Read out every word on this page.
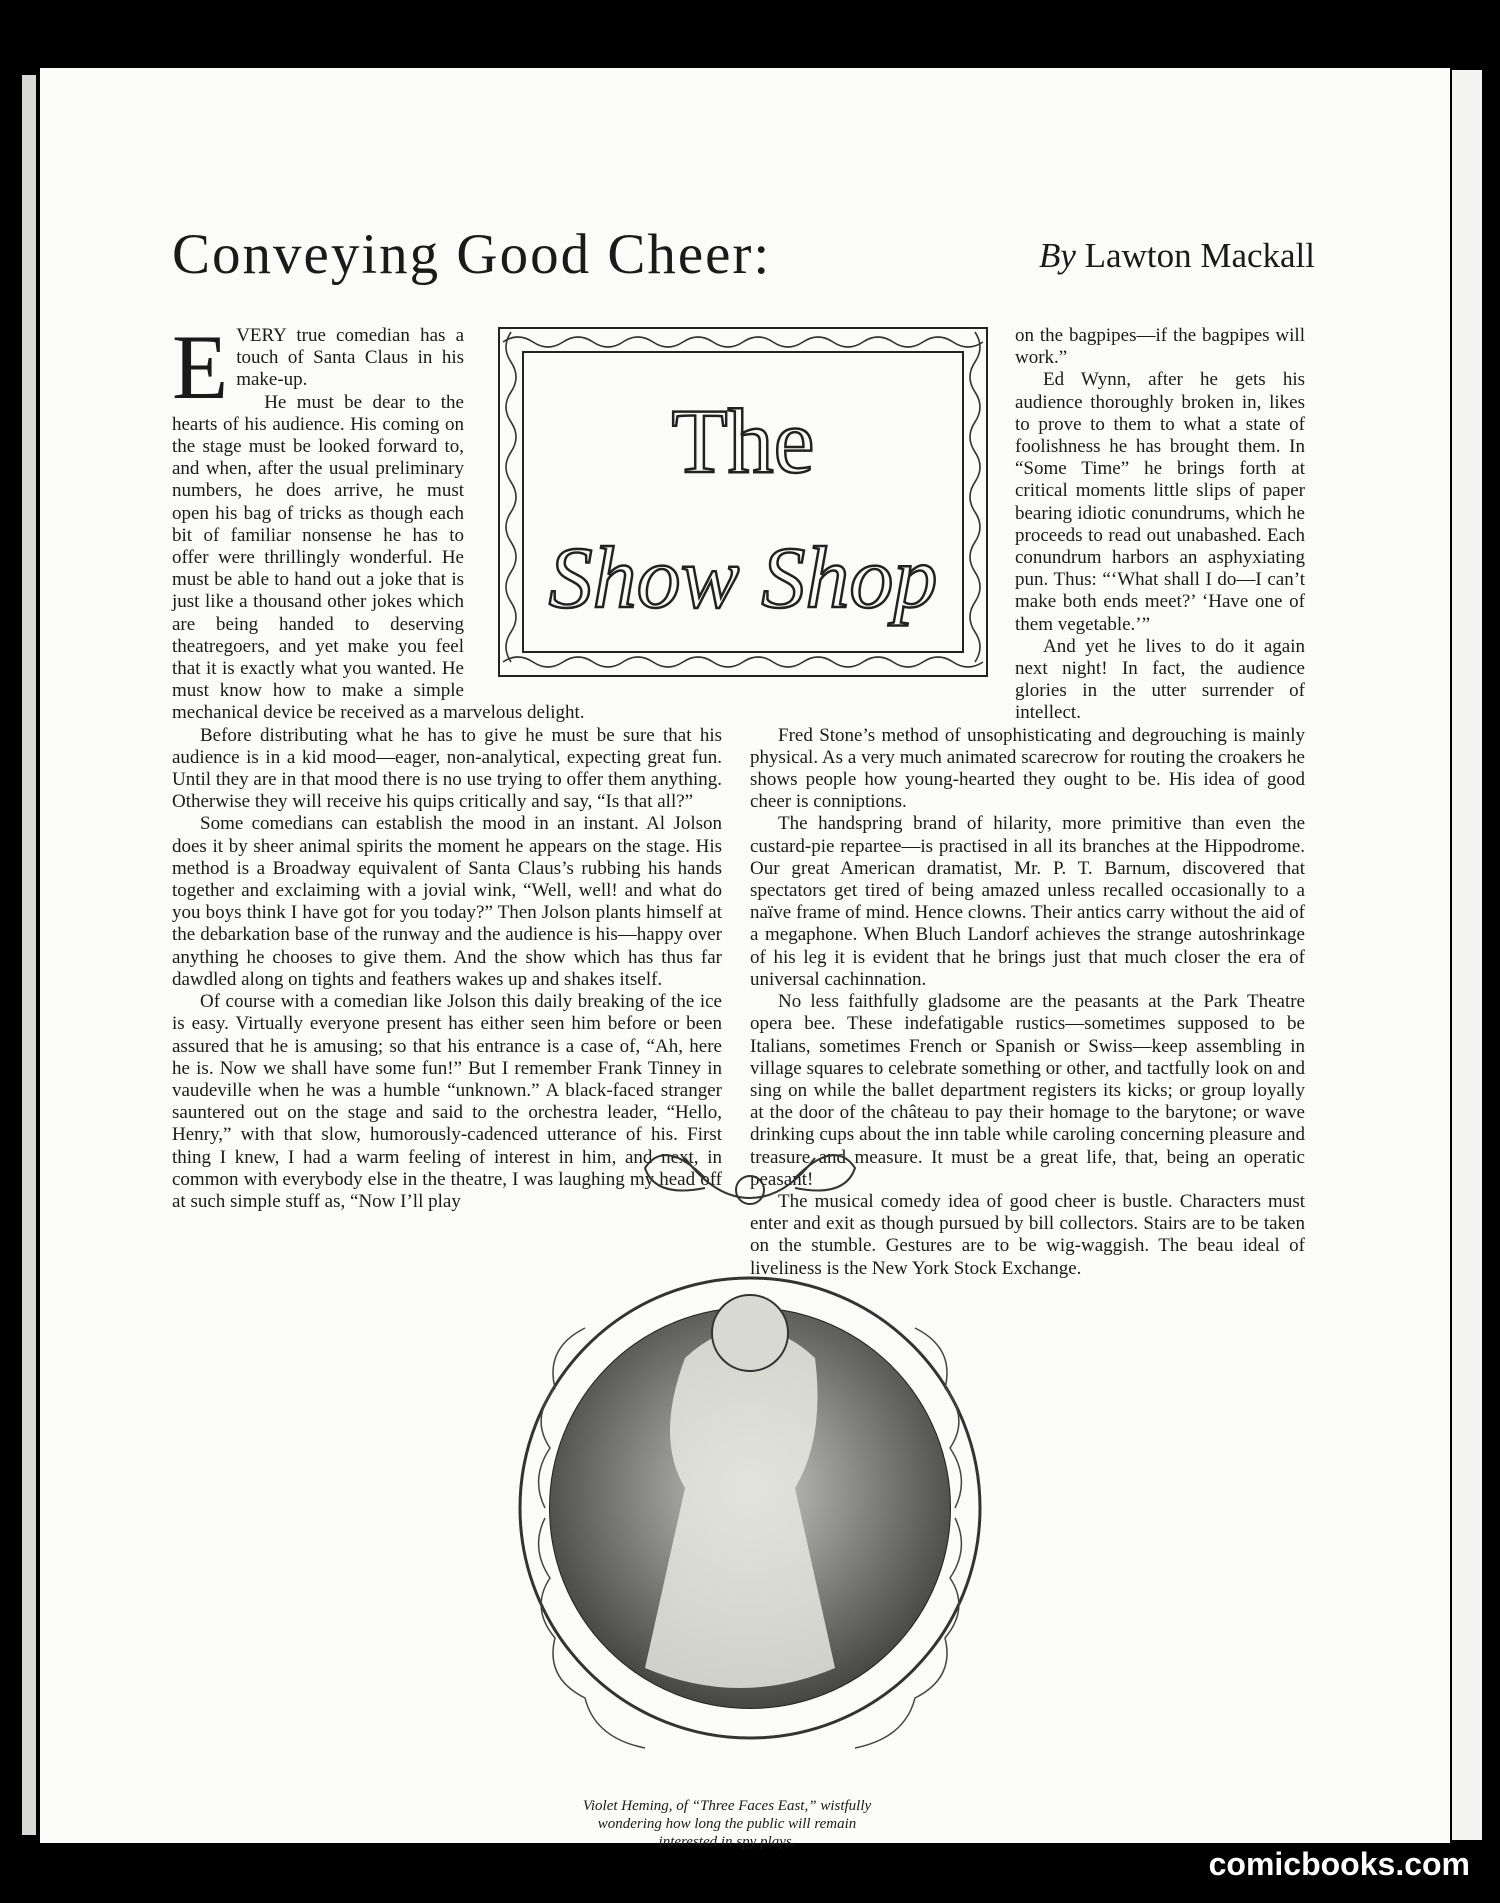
Conveying Good Cheer:	By Lawton Mackall
The
Show Shop

EVERY true comedian has a touch of Santa Claus in his make-up.

He must be dear to the hearts of his audience. His coming on the stage must be looked forward to, and when, after the usual preliminary numbers, he does arrive, he must open his bag of tricks as though each bit of familiar nonsense he has to offer were thrillingly wonderful. He must be able to hand out a joke that is just like a thousand other jokes which are being handed to deserving theatregoers, and yet make you feel that it is exactly what you wanted. He must know how to make a simple mechanical device be received as a marvelous delight.

Before distributing what he has to give he must be sure that his audience is in a kid mood—eager, non-analytical, expecting great fun. Until they are in that mood there is no use trying to offer them anything. Otherwise they will receive his quips critically and say, “Is that all?”

Some comedians can establish the mood in an instant. Al Jolson does it by sheer animal spirits the moment he appears on the stage. His method is a Broadway equivalent of Santa Claus’s rubbing his hands together and exclaiming with a jovial wink, “Well, well! and what do you boys think I have got for you today?” Then Jolson plants himself at the debarkation base of the runway and the audience is his—happy over anything he chooses to give them. And the show which has thus far dawdled along on tights and feathers wakes up and shakes itself.

Of course with a comedian like Jolson this daily breaking of the ice is easy. Virtually everyone present has either seen him before or been assured that he is amusing; so that his entrance is a case of, “Ah, here he is. Now we shall have some fun!” But I remember Frank Tinney in vaudeville when he was a humble “unknown.” A black-faced stranger sauntered out on the stage and said to the orchestra leader, “Hello, Henry,” with that slow, humorously-cadenced utterance of his. First thing I knew, I had a warm feeling of interest in him, and next, in common with everybody else in the theatre, I was laughing my head off at such simple stuff as, “Now I’ll play

on the bagpipes—if the bagpipes will work.”

Ed Wynn, after he gets his audience thoroughly broken in, likes to prove to them to what a state of foolishness he has brought them. In “Some Time” he brings forth at critical moments little slips of paper bearing idiotic conundrums, which he proceeds to read out unabashed. Each conundrum harbors an asphyxiating pun. Thus: “‘What shall I do—I can’t make both ends meet?’ ‘Have one of them vegetable.’”

And yet he lives to do it again next night! In fact, the audience glories in the utter surrender of intellect.

Fred Stone’s method of unsophisticating and degrouching is mainly physical. As a very much animated scarecrow for routing the croakers he shows people how young-hearted they ought to be. His idea of good cheer is conniptions.

The handspring brand of hilarity, more primitive than even the custard-pie repartee—is practised in all its branches at the Hippodrome. Our great American dramatist, Mr. P. T. Barnum, discovered that spectators get tired of being amazed unless recalled occasionally to a naïve frame of mind. Hence clowns. Their antics carry without the aid of a megaphone. When Bluch Landorf achieves the strange autoshrinkage of his leg it is evident that he brings just that much closer the era of universal cachinnation.

No less faithfully gladsome are the peasants at the Park Theatre opera bee. These indefatigable rustics—sometimes supposed to be Italians, sometimes French or Spanish or Swiss—keep assembling in village squares to celebrate something or other, and tactfully look on and sing on while the ballet department registers its kicks; or group loyally at the door of the château to pay their homage to the barytone; or wave drinking cups about the inn table while caroling concerning pleasure and treasure and measure. It must be a great life, that, being an operatic peasant!

The musical comedy idea of good cheer is bustle. Characters must enter and exit as though pursued by bill collectors. Stairs are to be taken on the stumble. Gestures are to be wig-waggish. The beau ideal of liveliness is the New York Stock Exchange.

Violet Heming, of “Three Faces East,” wistfully wondering how long the public will remain interested in spy plays.
comicbooks.com
